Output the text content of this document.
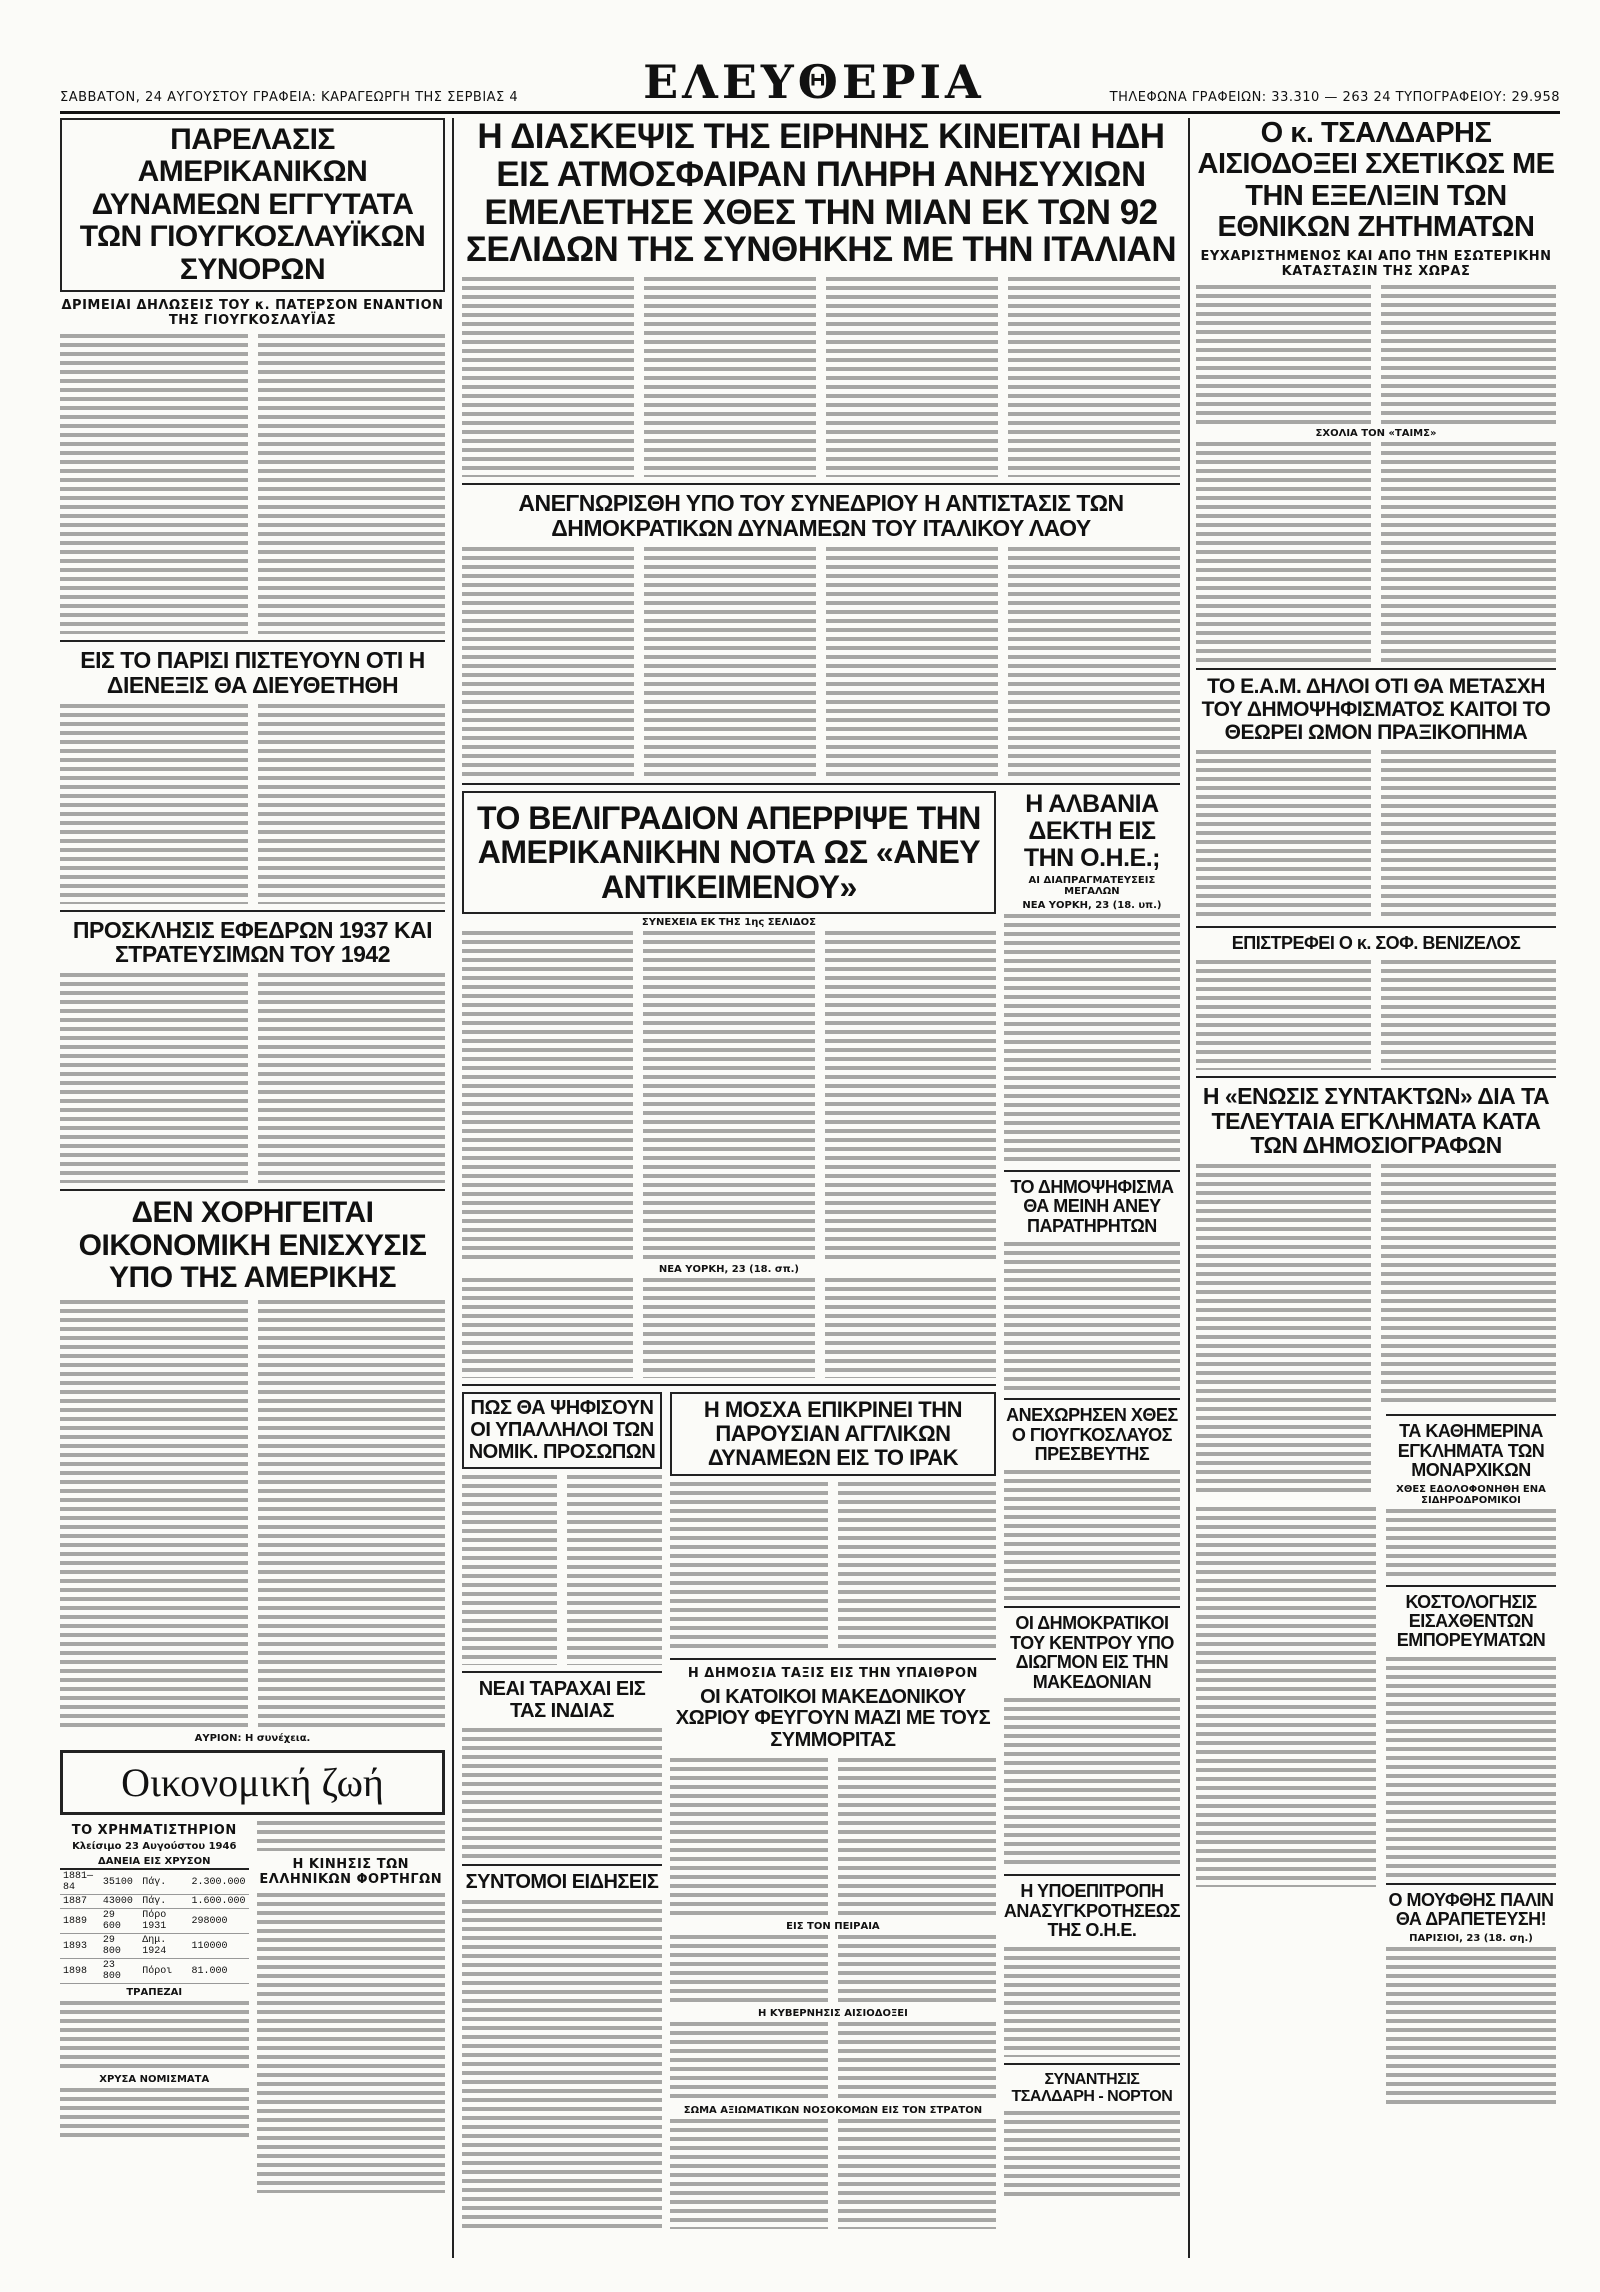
ΣΑΒΒΑΤΟΝ, 24 ΑΥΓΟΥΣΤΟΥ ΓΡΑΦΕΙΑ: ΚΑΡΑΓΕΩΡΓΗ ΤΗΣ ΣΕΡΒΙΑΣ 4	ΕΛΕΥΘΕΡΙΑ	ΤΗΛΕΦΩΝΑ ΓΡΑΦΕΙΩΝ: 33.310 — 263 24 ΤΥΠΟΓΡΑΦΕΙΟΥ: 29.958

ΠΑΡΕΛΑΣΙΣ ΑΜΕΡΙΚΑΝΙΚΩΝ ΔΥΝΑΜΕΩΝ ΕΓΓΥΤΑΤΑ ΤΩΝ ΓΙΟΥΓΚΟΣΛΑΥΪΚΩΝ ΣΥΝΟΡΩΝ

ΔΡΙΜΕΙΑΙ ΔΗΛΩΣΕΙΣ ΤΟΥ κ. ΠΑΤΕΡΣΟΝ ΕΝΑΝΤΙΟΝ ΤΗΣ ΓΙΟΥΓΚΟΣΛΑΥΪΑΣ

ΕΙΣ ΤΟ ΠΑΡΙΣΙ ΠΙΣΤΕΥΟΥΝ ΟΤΙ Η ΔΙΕΝΕΞΙΣ ΘΑ ΔΙΕΥΘΕΤΗΘΗ

ΠΡΟΣΚΛΗΣΙΣ ΕΦΕΔΡΩΝ 1937 ΚΑΙ ΣΤΡΑΤΕΥΣΙΜΩΝ ΤΟΥ 1942

ΔΕΝ ΧΟΡΗΓΕΙΤΑΙ ΟΙΚΟΝΟΜΙΚΗ ΕΝΙΣΧΥΣΙΣ ΥΠΟ ΤΗΣ ΑΜΕΡΙΚΗΣ

ΑΥΡΙΟΝ: Η συνέχεια.

Οικονομική ζωή

ΤΟ ΧΡΗΜΑΤΙΣΤΗΡΙΟΝ

Κλείσιμο 23 Αυγούστου 1946

ΔΑΝΕΙΑ ΕΙΣ ΧΡΥΣΟΝ			
1881—84	35100	Πάγ.	2.300.000
1887	43000	Πάγ.	1.600.000
1889	29 600	Πόρο 1931	298000
1893	29 800	Δημ. 1924	110000
1898	23 800	Πόροι	81.000

ΤΡΑΠΕΖΑΙ

ΧΡΥΣΑ ΝΟΜΙΣΜΑΤΑ

Η ΚΙΝΗΣΙΣ ΤΩΝ ΕΛΛΗΝΙΚΩΝ ΦΟΡΤΗΓΩΝ

Η ΔΙΑΣΚΕΨΙΣ ΤΗΣ ΕΙΡΗΝΗΣ ΚΙΝΕΙΤΑΙ ΗΔΗ ΕΙΣ ΑΤΜΟΣΦΑΙΡΑΝ ΠΛΗΡΗ ΑΝΗΣΥΧΙΩΝ ΕΜΕΛΕΤΗΣΕ ΧΘΕΣ ΤΗΝ ΜΙΑΝ ΕΚ ΤΩΝ 92 ΣΕΛΙΔΩΝ ΤΗΣ ΣΥΝΘΗΚΗΣ ΜΕ ΤΗΝ ΙΤΑΛΙΑΝ

ΑΝΕΓΝΩΡΙΣΘΗ ΥΠΟ ΤΟΥ ΣΥΝΕΔΡΙΟΥ Η ΑΝΤΙΣΤΑΣΙΣ ΤΩΝ ΔΗΜΟΚΡΑΤΙΚΩΝ ΔΥΝΑΜΕΩΝ ΤΟΥ ΙΤΑΛΙΚΟΥ ΛΑΟΥ

ΤΟ ΒΕΛΙΓΡΑΔΙΟΝ ΑΠΕΡΡΙΨΕ ΤΗΝ ΑΜΕΡΙΚΑΝΙΚΗΝ ΝΟΤΑ ΩΣ «ΑΝΕΥ ΑΝΤΙΚΕΙΜΕΝΟΥ»

ΣΥΝΕΧΕΙΑ ΕΚ ΤΗΣ 1ης ΣΕΛΙΔΟΣ

ΝΕΑ ΥΟΡΚΗ, 23 (18. σπ.)

ΠΩΣ ΘΑ ΨΗΦΙΣΟΥΝ ΟΙ ΥΠΑΛΛΗΛΟΙ ΤΩΝ ΝΟΜΙΚ. ΠΡΟΣΩΠΩΝ

ΝΕΑΙ ΤΑΡΑΧΑΙ ΕΙΣ ΤΑΣ ΙΝΔΙΑΣ

ΣΥΝΤΟΜΟΙ ΕΙΔΗΣΕΙΣ

Η ΜΟΣΧΑ ΕΠΙΚΡΙΝΕΙ ΤΗΝ ΠΑΡΟΥΣΙΑΝ ΑΓΓΛΙΚΩΝ ΔΥΝΑΜΕΩΝ ΕΙΣ ΤΟ ΙΡΑΚ

Η ΔΗΜΟΣΙΑ ΤΑΞΙΣ ΕΙΣ ΤΗΝ ΥΠΑΙΘΡΟΝ

ΟΙ ΚΑΤΟΙΚΟΙ ΜΑΚΕΔΟΝΙΚΟΥ ΧΩΡΙΟΥ ΦΕΥΓΟΥΝ ΜΑΖΙ ΜΕ ΤΟΥΣ ΣΥΜΜΟΡΙΤΑΣ

ΕΙΣ ΤΟΝ ΠΕΙΡΑΙΑ

Η ΚΥΒΕΡΝΗΣΙΣ ΑΙΣΙΟΔΟΞΕΙ

ΣΩΜΑ ΑΞΙΩΜΑΤΙΚΩΝ ΝΟΣΟΚΟΜΩΝ ΕΙΣ ΤΟΝ ΣΤΡΑΤΟΝ

Η ΑΛΒΑΝΙΑ ΔΕΚΤΗ ΕΙΣ ΤΗΝ Ο.Η.Ε.;

ΑΙ ΔΙΑΠΡΑΓΜΑΤΕΥΣΕΙΣ ΜΕΓΑΛΩΝ

ΝΕΑ ΥΟΡΚΗ, 23 (18. υπ.)

ΤΟ ΔΗΜΟΨΗΦΙΣΜΑ ΘΑ ΜΕΙΝΗ ΑΝΕΥ ΠΑΡΑΤΗΡΗΤΩΝ

ΑΝΕΧΩΡΗΣΕΝ ΧΘΕΣ Ο ΓΙΟΥΓΚΟΣΛΑΥΟΣ ΠΡΕΣΒΕΥΤΗΣ

ΟΙ ΔΗΜΟΚΡΑΤΙΚΟΙ ΤΟΥ ΚΕΝΤΡΟΥ ΥΠΟ ΔΙΩΓΜΟΝ ΕΙΣ ΤΗΝ ΜΑΚΕΔΟΝΙΑΝ

Η ΥΠΟΕΠΙΤΡΟΠΗ ΑΝΑΣΥΓΚΡΟΤΗΣΕΩΣ ΤΗΣ Ο.Η.Ε.

ΣΥΝΑΝΤΗΣΙΣ ΤΣΑΛΔΑΡΗ - ΝΟΡΤΟΝ

Ο κ. ΤΣΑΛΔΑΡΗΣ ΑΙΣΙΟΔΟΞΕΙ ΣΧΕΤΙΚΩΣ ΜΕ ΤΗΝ ΕΞΕΛΙΞΙΝ ΤΩΝ ΕΘΝΙΚΩΝ ΖΗΤΗΜΑΤΩΝ

ΕΥΧΑΡΙΣΤΗΜΕΝΟΣ ΚΑΙ ΑΠΟ ΤΗΝ ΕΣΩΤΕΡΙΚΗΝ ΚΑΤΑΣΤΑΣΙΝ ΤΗΣ ΧΩΡΑΣ

ΣΧΟΛΙΑ ΤΟΝ «ΤΑΙΜΣ»

ΤΟ Ε.Α.Μ. ΔΗΛΟΙ ΟΤΙ ΘΑ ΜΕΤΑΣΧΗ ΤΟΥ ΔΗΜΟΨΗΦΙΣΜΑΤΟΣ ΚΑΙΤΟΙ ΤΟ ΘΕΩΡΕΙ ΩΜΟΝ ΠΡΑΞΙΚΟΠΗΜΑ

ΕΠΙΣΤΡΕΦΕΙ Ο κ. ΣΟΦ. ΒΕΝΙΖΕΛΟΣ

Η «ΕΝΩΣΙΣ ΣΥΝΤΑΚΤΩΝ» ΔΙΑ ΤΑ ΤΕΛΕΥΤΑΙΑ ΕΓΚΛΗΜΑΤΑ ΚΑΤΑ ΤΩΝ ΔΗΜΟΣΙΟΓΡΑΦΩΝ

ΤΑ ΚΑΘΗΜΕΡΙΝΑ ΕΓΚΛΗΜΑΤΑ ΤΩΝ ΜΟΝΑΡΧΙΚΩΝ

ΧΘΕΣ ΕΔΟΛΟΦΟΝΗΘΗ ΕΝΑ ΣΙΔΗΡΟΔΡΟΜΙΚΟΙ

ΚΟΣΤΟΛΟΓΗΣΙΣ ΕΙΣΑΧΘΕΝΤΩΝ ΕΜΠΟΡΕΥΜΑΤΩΝ

Ο ΜΟΥΦΘΗΣ ΠΑΛΙΝ ΘΑ ΔΡΑΠΕΤΕΥΣΗ!

ΠΑΡΙΣΙΟΙ, 23 (18. ση.)
